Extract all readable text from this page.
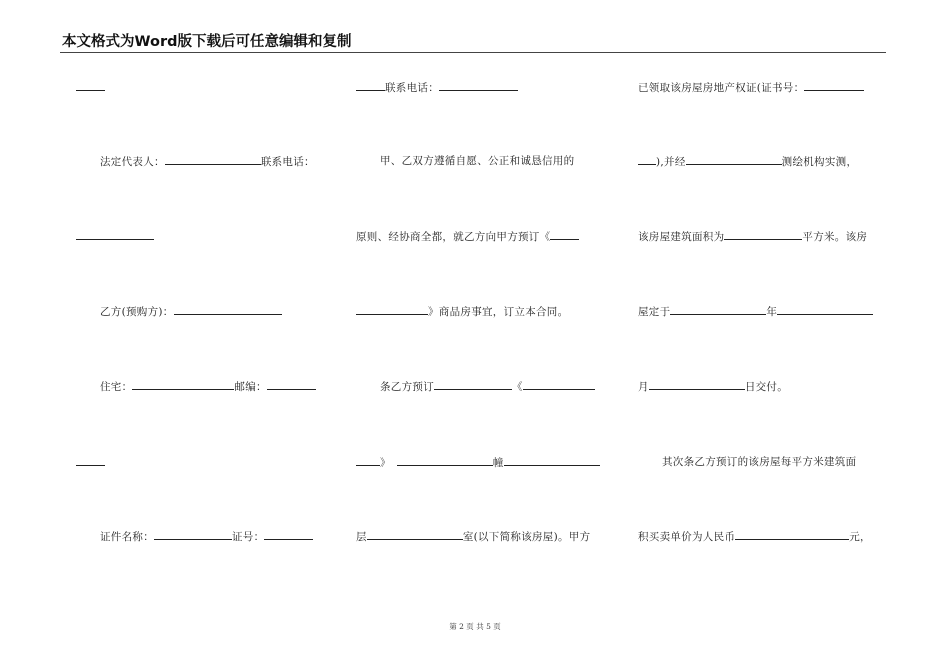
本文格式为Word版下载后可任意编辑和复制
法定代表人：	联系电话：
乙方(预购方)：
住宅：	邮编：
证件名称：	证号：
联系电话：
甲、乙双方遵循自愿、公正和诚恳信用的
原则、经协商全都，就乙方向甲方预订《
》商品房事宜，订立本合同。
条乙方预订	《
》	幢
层	室(以下简称该房屋)。甲方
已领取该房屋房地产权证(证书号：
),并经	测绘机构实测，
该房屋建筑面积为	平方米。该房
屋定于	年
月	日交付。
其次条乙方预订的该房屋每平方米建筑面
积买卖单价为人民币	元，
第 2 页 共 5 页
